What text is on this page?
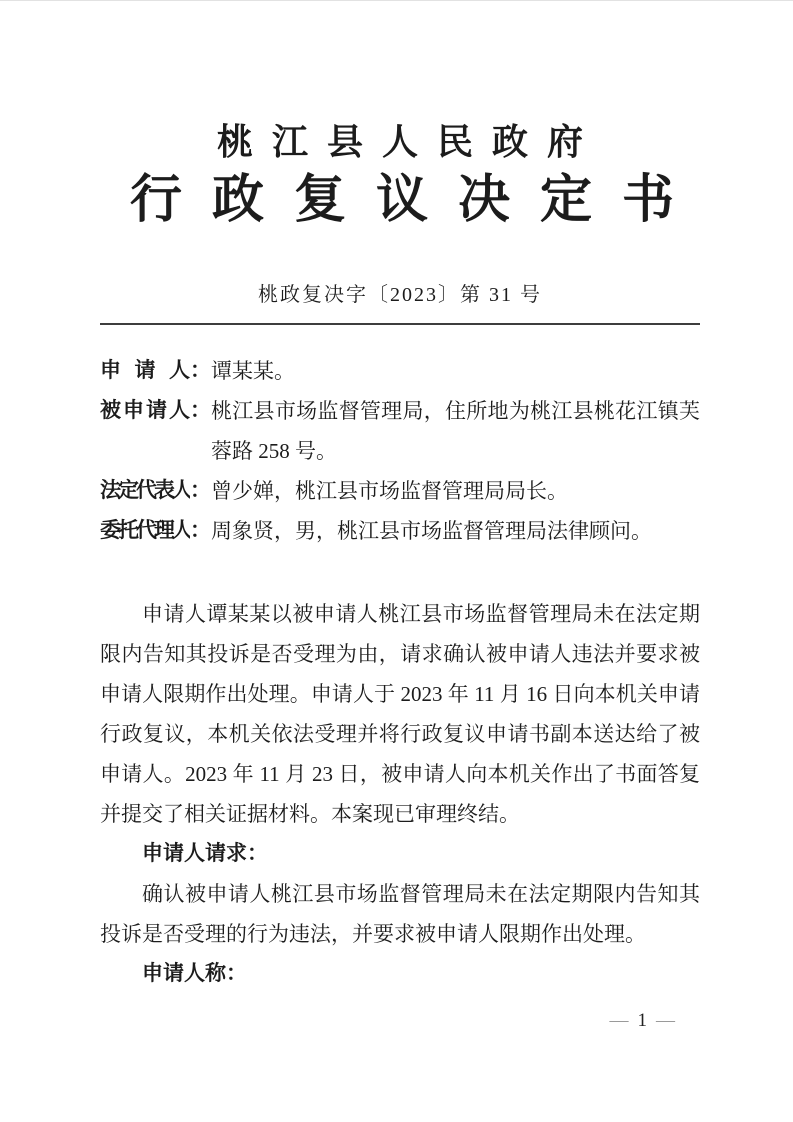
桃江县人民政府
行政复议决定书
桃政复决字〔2023〕第 31 号
申请人： 谭某某。
被申请人： 桃江县市场监督管理局，住所地为桃江县桃花江镇芙蓉路 258 号。
法定代表人： 曾少婵，桃江县市场监督管理局局长。
委托代理人： 周象贤，男，桃江县市场监督管理局法律顾问。

申请人谭某某以被申请人桃江县市场监督管理局未在法定期限内告知其投诉是否受理为由，请求确认被申请人违法并要求被申请人限期作出处理。申请人于 2023 年 11 月 16 日向本机关申请行政复议，本机关依法受理并将行政复议申请书副本送达给了被申请人。2023 年 11 月 23 日，被申请人向本机关作出了书面答复并提交了相关证据材料。本案现已审理终结。

申请人请求：

确认被申请人桃江县市场监督管理局未在法定期限内告知其投诉是否受理的行为违法，并要求被申请人限期作出处理。

申请人称：

— 1 —
